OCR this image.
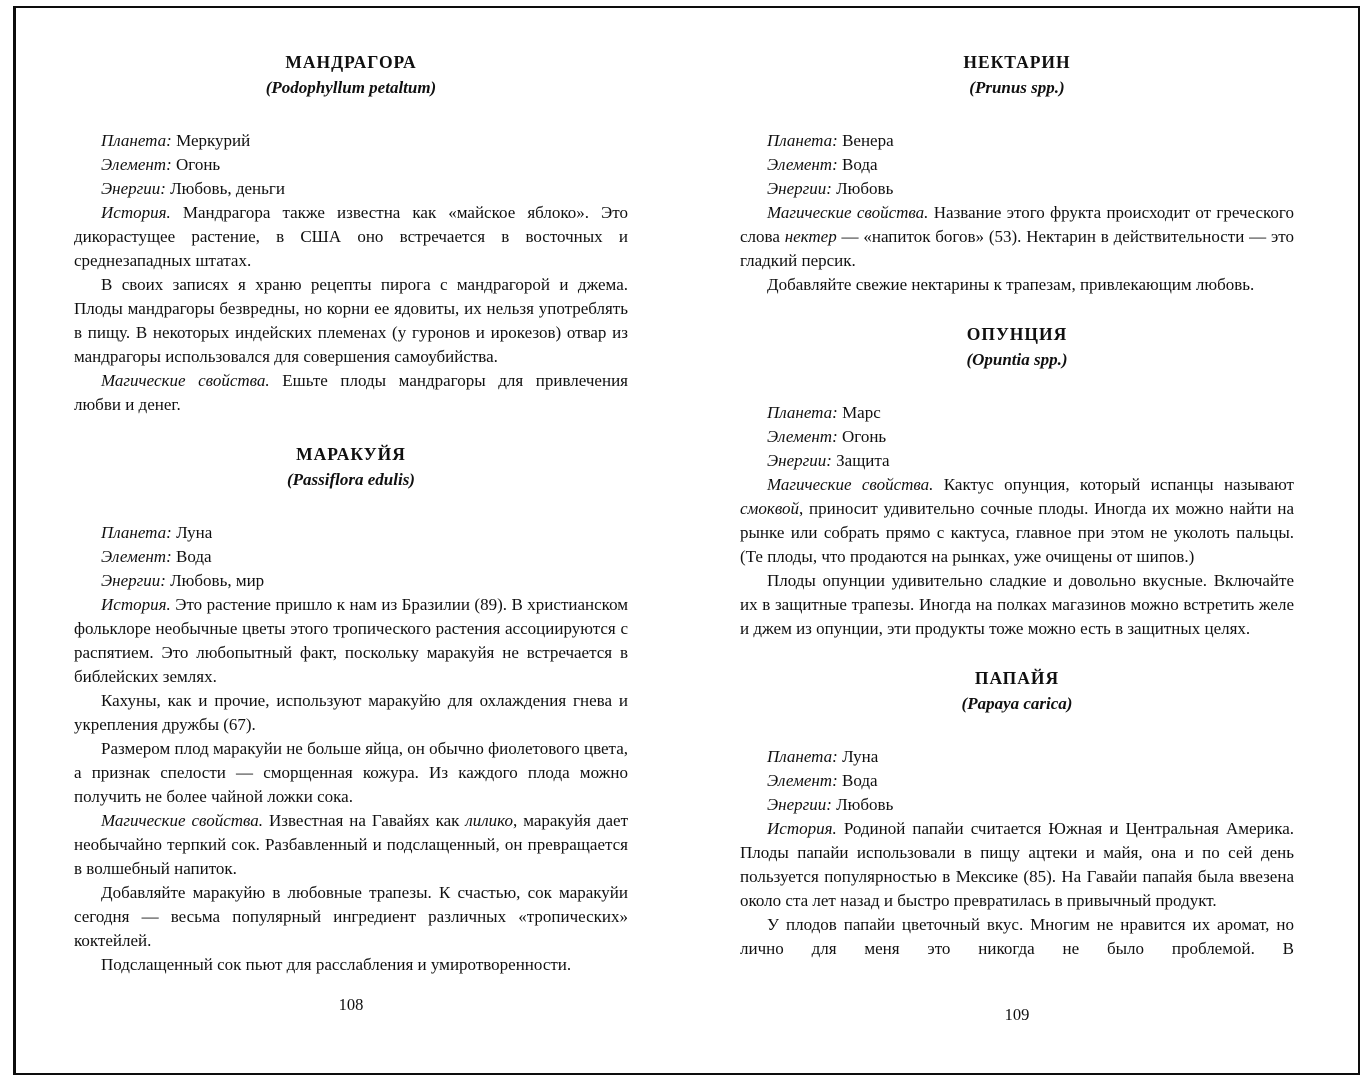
МАНДРАГОРА
(Podophyllum petaltum)

Планета: Меркурий

Элемент: Огонь

Энергии: Любовь, деньги

История. Мандрагора также известна как «майское яблоко». Это дикорастущее растение, в США оно встречается в восточных и среднезападных штатах.

В своих записях я храню рецепты пирога с мандрагорой и джема. Плоды мандрагоры безвредны, но корни ее ядовиты, их нельзя употреблять в пищу. В некоторых индейских племенах (у гуронов и ирокезов) отвар из мандрагоры использовался для совершения самоубийства.

Магические свойства. Ешьте плоды мандрагоры для привлечения любви и денег.

МАРАКУЙЯ
(Passiflora edulis)

Планета: Луна

Элемент: Вода

Энергии: Любовь, мир

История. Это растение пришло к нам из Бразилии (89). В христианском фольклоре необычные цветы этого тропического растения ассоциируются с распятием. Это любопытный факт, поскольку маракуйя не встречается в библейских землях.

Кахуны, как и прочие, используют маракуйю для охлаждения гнева и укрепления дружбы (67).

Размером плод маракуйи не больше яйца, он обычно фиолетового цвета, а признак спелости — сморщенная кожура. Из каждого плода можно получить не более чайной ложки сока.

Магические свойства. Известная на Гавайях как лилико, маракуйя дает необычайно терпкий сок. Разбавленный и подслащенный, он превращается в волшебный напиток.

Добавляйте маракуйю в любовные трапезы. К счастью, сок маракуйи сегодня — весьма популярный ингредиент различных «тропических» коктейлей.

Подслащенный сок пьют для расслабления и умиротворенности.

108
НЕКТАРИН
(Prunus spp.)

Планета: Венера

Элемент: Вода

Энергии: Любовь

Магические свойства. Название этого фрукта происходит от греческого слова нектер — «напиток богов» (53). Нектарин в действительности — это гладкий персик.

Добавляйте свежие нектарины к трапезам, привлекающим любовь.

ОПУНЦИЯ
(Opuntia spp.)

Планета: Марс

Элемент: Огонь

Энергии: Защита

Магические свойства. Кактус опунция, который испанцы называют смоквой, приносит удивительно сочные плоды. Иногда их можно найти на рынке или собрать прямо с кактуса, главное при этом не уколоть пальцы. (Те плоды, что продаются на рынках, уже очищены от шипов.)

Плоды опунции удивительно сладкие и довольно вкусные. Включайте их в защитные трапезы. Иногда на полках магазинов можно встретить желе и джем из опунции, эти продукты тоже можно есть в защитных целях.

ПАПАЙЯ
(Papaya carica)

Планета: Луна

Элемент: Вода

Энергии: Любовь

История. Родиной папайи считается Южная и Центральная Америка. Плоды папайи использовали в пищу ацтеки и майя, она и по сей день пользуется популярностью в Мексике (85). На Гавайи папайя была ввезена около ста лет назад и быстро превратилась в привычный продукт.

У плодов папайи цветочный вкус. Многим не нравится их аромат, но лично для меня это никогда не было проблемой. В

109
